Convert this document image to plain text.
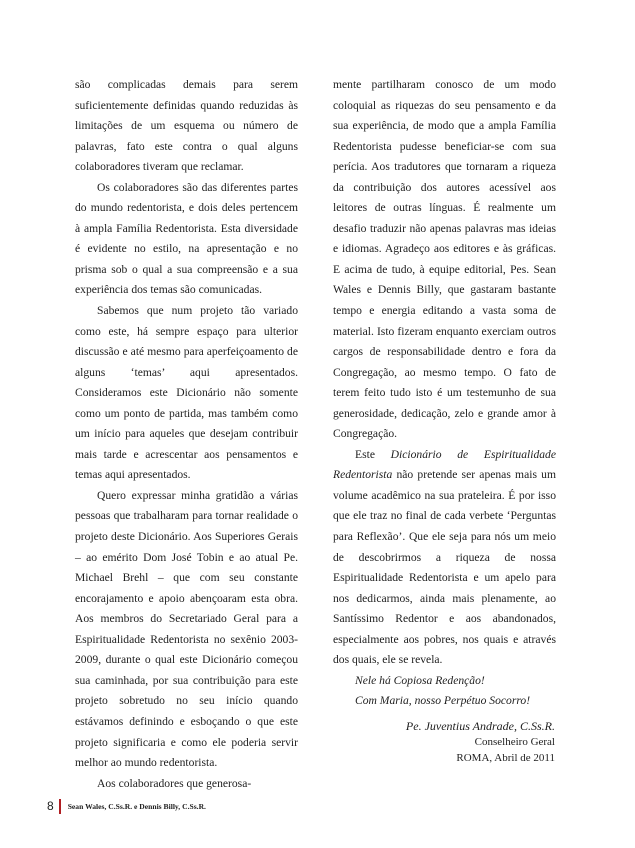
são complicadas demais para serem suficientemente definidas quando reduzidas às limitações de um esquema ou número de palavras, fato este contra o qual alguns colaboradores tiveram que reclamar.

Os colaboradores são das diferentes partes do mundo redentorista, e dois deles pertencem à ampla Família Redentorista. Esta diversidade é evidente no estilo, na apresentação e no prisma sob o qual a sua compreensão e a sua experiência dos temas são comunicadas.

Sabemos que num projeto tão variado como este, há sempre espaço para ulterior discussão e até mesmo para aperfeiçoamento de alguns ‘temas’ aqui apresentados. Consideramos este Dicionário não somente como um ponto de partida, mas também como um início para aqueles que desejam contribuir mais tarde e acrescentar aos pensamentos e temas aqui apresentados.

Quero expressar minha gratidão a várias pessoas que trabalharam para tornar realidade o projeto deste Dicionário. Aos Superiores Gerais – ao emérito Dom José Tobin e ao atual Pe. Michael Brehl – que com seu constante encorajamento e apoio abençoaram esta obra. Aos membros do Secretariado Geral para a Espiritualidade Redentorista no sexênio 2003-2009, durante o qual este Dicionário começou sua caminhada, por sua contribuição para este projeto sobretudo no seu início quando estávamos definindo e esboçando o que este projeto significaria e como ele poderia servir melhor ao mundo redentorista.

Aos colaboradores que generosa-

mente partilharam conosco de um modo coloquial as riquezas do seu pensamento e da sua experiência, de modo que a ampla Família Redentorista pudesse beneficiar-se com sua perícia. Aos tradutores que tornaram a riqueza da contribuição dos autores acessível aos leitores de outras línguas. É realmente um desafio traduzir não apenas palavras mas ideias e idiomas. Agradeço aos editores e às gráficas. E acima de tudo, à equipe editorial, Pes. Sean Wales e Dennis Billy, que gastaram bastante tempo e energia editando a vasta soma de material. Isto fizeram enquanto exerciam outros cargos de responsabilidade dentro e fora da Congregação, ao mesmo tempo. O fato de terem feito tudo isto é um testemunho de sua generosidade, dedicação, zelo e grande amor à Congregação.

Este Dicionário de Espiritualidade Redentorista não pretende ser apenas mais um volume acadêmico na sua prateleira. É por isso que ele traz no final de cada verbete ‘Perguntas para Reflexão’. Que ele seja para nós um meio de descobrirmos a riqueza de nossa Espiritualidade Redentorista e um apelo para nos dedicarmos, ainda mais plenamente, ao Santíssimo Redentor e aos abandonados, especialmente aos pobres, nos quais e através dos quais, ele se revela.

Nele há Copiosa Redenção!

Com Maria, nosso Perpétuo Socorro!

Pe. Juventius Andrade, C.Ss.R.
Conselheiro Geral
ROMA, Abril de 2011
8 Sean Wales, C.Ss.R. e Dennis Billy, C.Ss.R.
